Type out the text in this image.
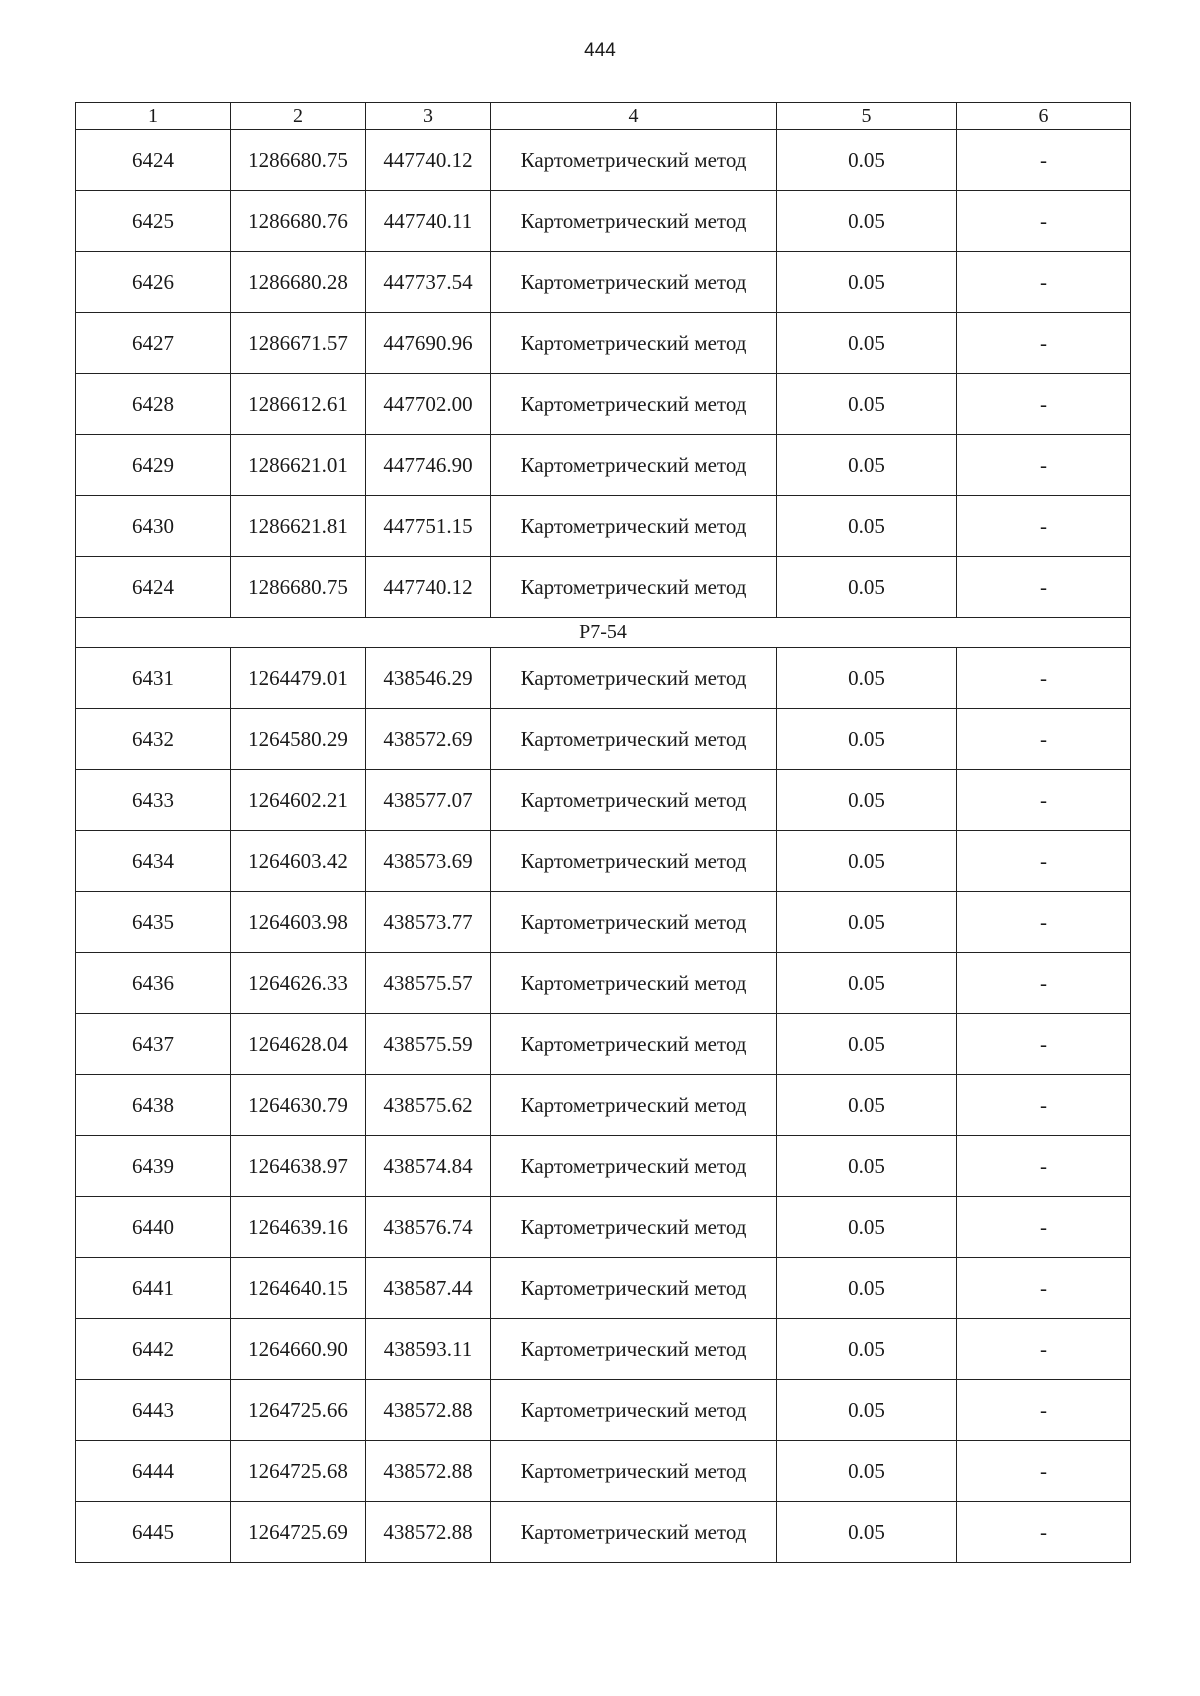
444
1	2	3	4	5	6
6424	1286680.75	447740.12	Картометрический метод	0.05	-
6425	1286680.76	447740.11	Картометрический метод	0.05	-
6426	1286680.28	447737.54	Картометрический метод	0.05	-
6427	1286671.57	447690.96	Картометрический метод	0.05	-
6428	1286612.61	447702.00	Картометрический метод	0.05	-
6429	1286621.01	447746.90	Картометрический метод	0.05	-
6430	1286621.81	447751.15	Картометрический метод	0.05	-
6424	1286680.75	447740.12	Картометрический метод	0.05	-
Р7-54					
6431	1264479.01	438546.29	Картометрический метод	0.05	-
6432	1264580.29	438572.69	Картометрический метод	0.05	-
6433	1264602.21	438577.07	Картометрический метод	0.05	-
6434	1264603.42	438573.69	Картометрический метод	0.05	-
6435	1264603.98	438573.77	Картометрический метод	0.05	-
6436	1264626.33	438575.57	Картометрический метод	0.05	-
6437	1264628.04	438575.59	Картометрический метод	0.05	-
6438	1264630.79	438575.62	Картометрический метод	0.05	-
6439	1264638.97	438574.84	Картометрический метод	0.05	-
6440	1264639.16	438576.74	Картометрический метод	0.05	-
6441	1264640.15	438587.44	Картометрический метод	0.05	-
6442	1264660.90	438593.11	Картометрический метод	0.05	-
6443	1264725.66	438572.88	Картометрический метод	0.05	-
6444	1264725.68	438572.88	Картометрический метод	0.05	-
6445	1264725.69	438572.88	Картометрический метод	0.05	-
